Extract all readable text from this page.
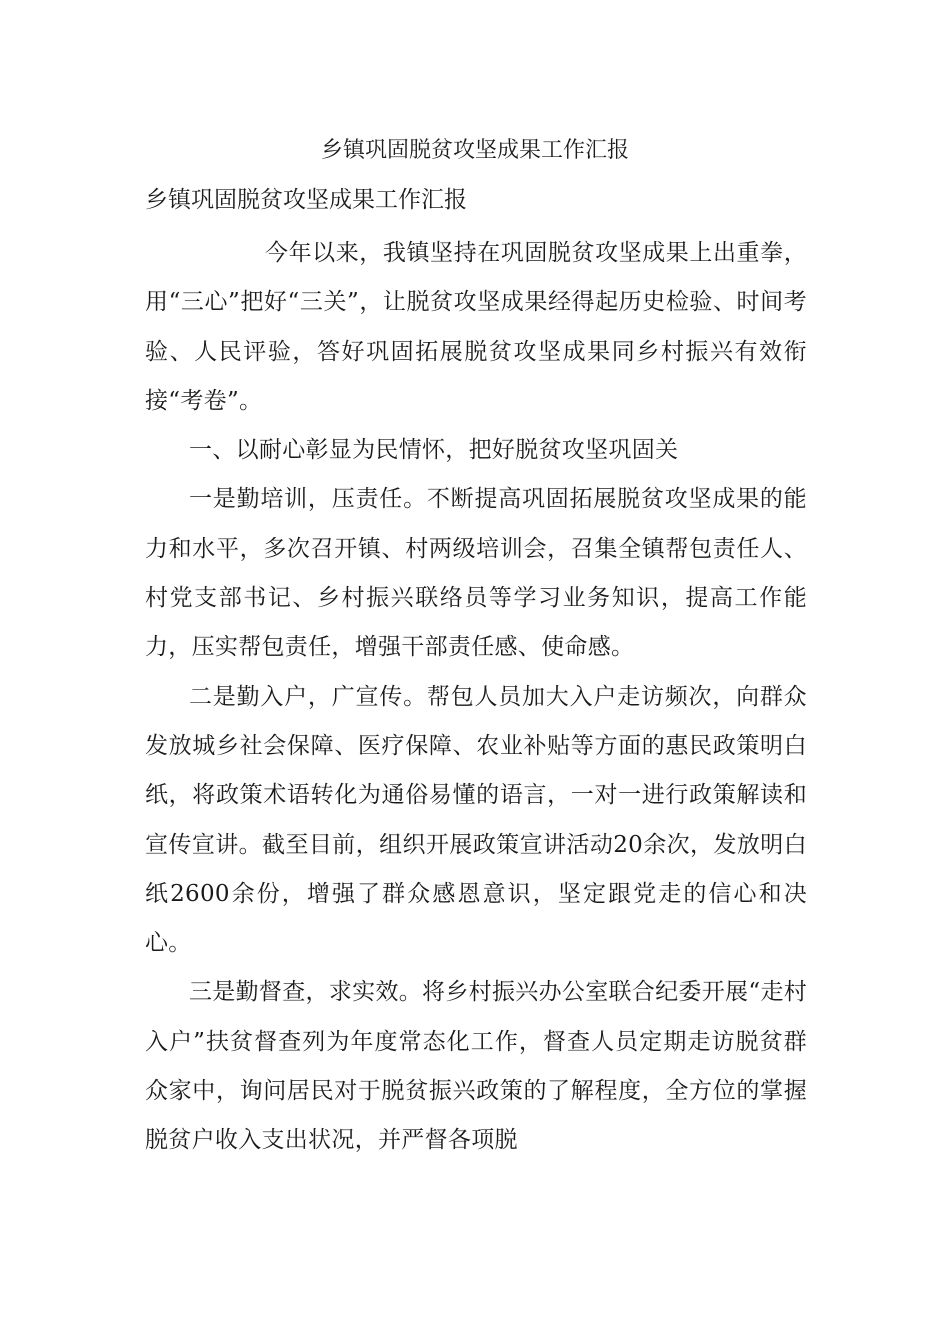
乡镇巩固脱贫攻坚成果工作汇报
乡镇巩固脱贫攻坚成果工作汇报

今年以来，我镇坚持在巩固脱贫攻坚成果上出重拳，用“三心”把好“三关”，让脱贫攻坚成果经得起历史检验、时间考验、人民评验，答好巩固拓展脱贫攻坚成果同乡村振兴有效衔接“考卷”。

一、以耐心彰显为民情怀，把好脱贫攻坚巩固关

一是勤培训，压责任。不断提高巩固拓展脱贫攻坚成果的能力和水平，多次召开镇、村两级培训会，召集全镇帮包责任人、村党支部书记、乡村振兴联络员等学习业务知识，提高工作能力，压实帮包责任，增强干部责任感、使命感。

二是勤入户，广宣传。帮包人员加大入户走访频次，向群众发放城乡社会保障、医疗保障、农业补贴等方面的惠民政策明白纸，将政策术语转化为通俗易懂的语言，一对一进行政策解读和宣传宣讲。截至目前，组织开展政策宣讲活动20余次，发放明白纸2600余份，增强了群众感恩意识，坚定跟党走的信心和决心。

三是勤督查，求实效。将乡村振兴办公室联合纪委开展“走村入户”扶贫督查列为年度常态化工作，督查人员定期走访脱贫群众家中，询问居民对于脱贫振兴政策的了解程度，全方位的掌握脱贫户收入支出状况，并严督各项脱
